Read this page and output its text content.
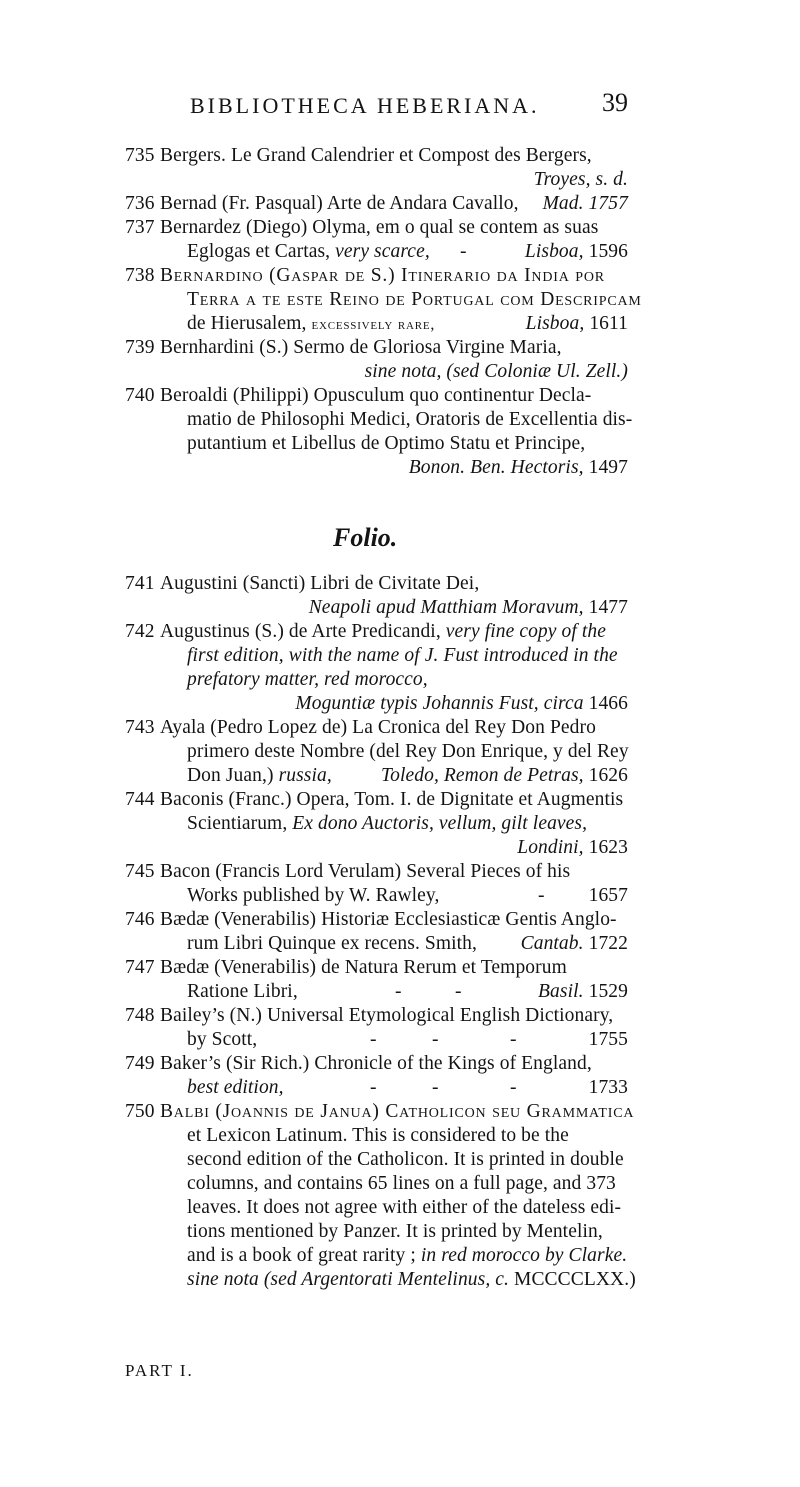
BIBLIOTHECA HEBERIANA. 39
735 Bergers. Le Grand Calendrier et Compost des Bergers,
Troyes, s. d.
736 Bernad (Fr. Pasqual) Arte de Andara Cavallo, Mad. 1757
737 Bernardez (Diego) Olyma, em o qual se contem as suas
Eglogas et Cartas, very scarce, -	Lisboa, 1596
738 Bernardino (Gaspar de S.) Itinerario da India por
Terra a te este Reino de Portugal com Descripcam
de Hierusalem, excessively rare,	Lisboa, 1611
739 Bernhardini (S.) Sermo de Gloriosa Virgine Maria,
sine nota, (sed Coloniæ Ul. Zell.)
740 Beroaldi (Philippi) Opusculum quo continentur Decla-
matio de Philosophi Medici, Oratoris de Excellentia dis-
putantium et Libellus de Optimo Statu et Principe,
Bonon. Ben. Hectoris, 1497
Folio.
741 Augustini (Sancti) Libri de Civitate Dei,
Neapoli apud Matthiam Moravum, 1477
742 Augustinus (S.) de Arte Predicandi, very fine copy of the
first edition, with the name of J. Fust introduced in the
prefatory matter, red morocco,
Moguntiæ typis Johannis Fust, circa 1466
743 Ayala (Pedro Lopez de) La Cronica del Rey Don Pedro
primero deste Nombre (del Rey Don Enrique, y del Rey
Don Juan,) russia,	Toledo, Remon de Petras, 1626
744 Baconis (Franc.) Opera, Tom. I. de Dignitate et Augmentis
Scientiarum, Ex dono Auctoris, vellum, gilt leaves,
Londini, 1623
745 Bacon (Francis Lord Verulam) Several Pieces of his
Works published by W. Rawley,	- 1657
746 Bædæ (Venerabilis) Historiæ Ecclesiasticæ Gentis Anglo-
rum Libri Quinque ex recens. Smith, Cantab. 1722
747 Bædæ (Venerabilis) de Natura Rerum et Temporum
Ratione Libri,	-	-	Basil. 1529
748 Bailey’s (N.) Universal Etymological English Dictionary,
by Scott,	-	-	-	1755
749 Baker’s (Sir Rich.) Chronicle of the Kings of England,
best edition,	-	-	-	1733
750 Balbi (Joannis de Janua) Catholicon seu Grammatica
et Lexicon Latinum. This is considered to be the
second edition of the Catholicon. It is printed in double
columns, and contains 65 lines on a full page, and 373
leaves. It does not agree with either of the dateless edi-
tions mentioned by Panzer. It is printed by Mentelin,
and is a book of great rarity ; in red morocco by Clarke.
sine nota (sed Argentorati Mentelinus, c. MCCCCLXX.)
PART I.
